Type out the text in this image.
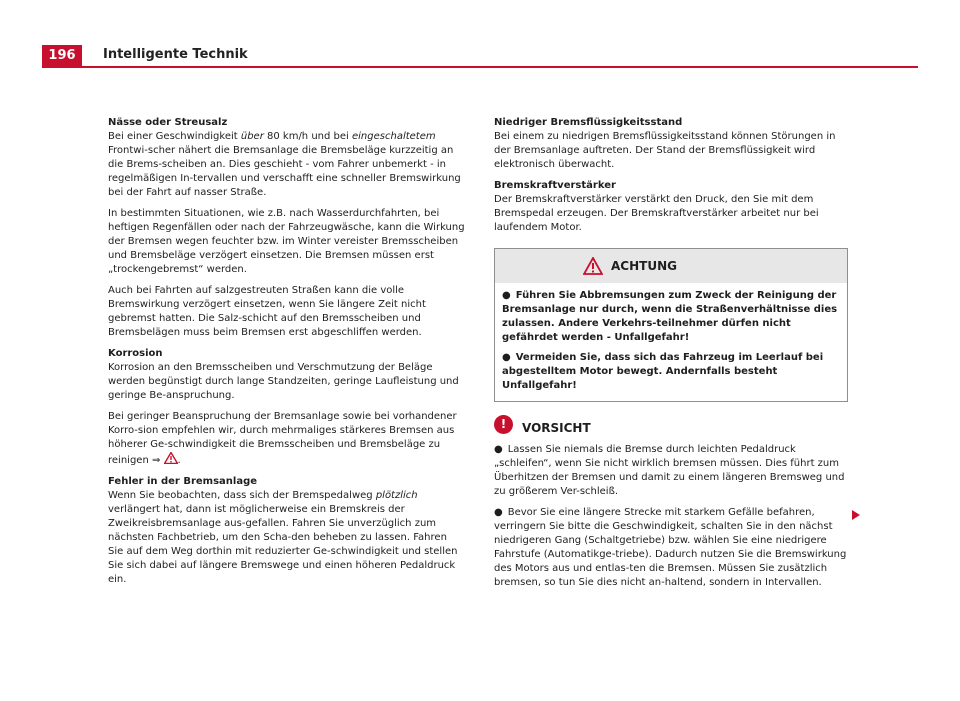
196	Intelligente Technik
Nässe oder Streusalz

Bei einer Geschwindigkeit über 80 km/h und bei eingeschaltetem Frontwi-scher nähert die Bremsanlage die Bremsbeläge kurzzeitig an die Brems-scheiben an. Dies geschieht - vom Fahrer unbemerkt - in regelmäßigen In-tervallen und verschafft eine schneller Bremswirkung bei der Fahrt auf nasser Straße.

In bestimmten Situationen, wie z.B. nach Wasserdurchfahrten, bei heftigen Regenfällen oder nach der Fahrzeugwäsche, kann die Wirkung der Bremsen wegen feuchter bzw. im Winter vereister Bremsscheiben und Bremsbeläge verzögert einsetzen. Die Bremsen müssen erst „trockengebremst“ werden.

Auch bei Fahrten auf salzgestreuten Straßen kann die volle Bremswirkung verzögert einsetzen, wenn Sie längere Zeit nicht gebremst hatten. Die Salz-schicht auf den Bremsscheiben und Bremsbelägen muss beim Bremsen erst abgeschliffen werden.

Korrosion

Korrosion an den Bremsscheiben und Verschmutzung der Beläge werden begünstigt durch lange Standzeiten, geringe Laufleistung und geringe Be-anspruchung.

Bei geringer Beanspruchung der Bremsanlage sowie bei vorhandener Korro-sion empfehlen wir, durch mehrmaliges stärkeres Bremsen aus höherer Ge-schwindigkeit die Bremsscheiben und Bremsbeläge zu reinigen ⇒ .

Fehler in der Bremsanlage

Wenn Sie beobachten, dass sich der Bremspedalweg plötzlich verlängert hat, dann ist möglicherweise ein Bremskreis der Zweikreisbremsanlage aus-gefallen. Fahren Sie unverzüglich zum nächsten Fachbetrieb, um den Scha-den beheben zu lassen. Fahren Sie auf dem Weg dorthin mit reduzierter Ge-schwindigkeit und stellen Sie sich dabei auf längere Bremswege und einen höheren Pedaldruck ein.

Niedriger Bremsflüssigkeitsstand

Bei einem zu niedrigen Bremsflüssigkeitsstand können Störungen in der Bremsanlage auftreten. Der Stand der Bremsflüssigkeit wird elektronisch überwacht.

Bremskraftverstärker

Der Bremskraftverstärker verstärkt den Druck, den Sie mit dem Bremspedal erzeugen. Der Bremskraftverstärker arbeitet nur bei laufendem Motor.

ACHTUNG

● Führen Sie Abbremsungen zum Zweck der Reinigung der Bremsanlage nur durch, wenn die Straßenverhältnisse dies zulassen. Andere Verkehrs-teilnehmer dürfen nicht gefährdet werden - Unfallgefahr!

● Vermeiden Sie, dass sich das Fahrzeug im Leerlauf bei abgestelltem Motor bewegt. Andernfalls besteht Unfallgefahr!

!	VORSICHT

● Lassen Sie niemals die Bremse durch leichten Pedaldruck „schleifen“, wenn Sie nicht wirklich bremsen müssen. Dies führt zum Überhitzen der Bremsen und damit zu einem längeren Bremsweg und zu größerem Ver-schleiß.

● Bevor Sie eine längere Strecke mit starkem Gefälle befahren, verringern Sie bitte die Geschwindigkeit, schalten Sie in den nächst niedrigeren Gang (Schaltgetriebe) bzw. wählen Sie eine niedrigere Fahrstufe (Automatikge-triebe). Dadurch nutzen Sie die Bremswirkung des Motors aus und entlas-ten die Bremsen. Müssen Sie zusätzlich bremsen, so tun Sie dies nicht an-haltend, sondern in Intervallen.
